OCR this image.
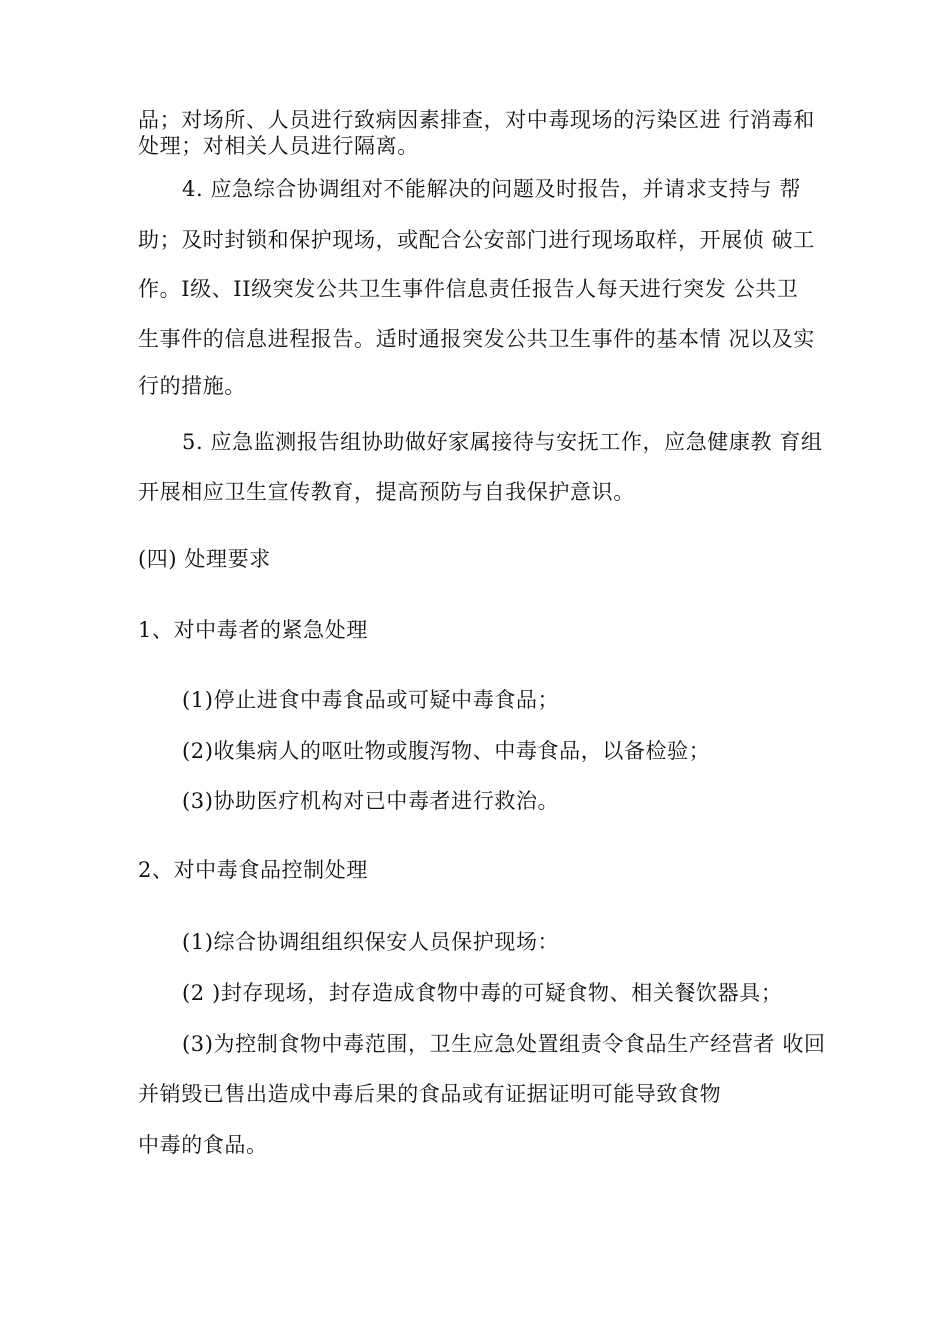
品；对场所、人员进行致病因素排查，对中毒现场的污染区进 行消毒和
处理；对相关人员进行隔离。
4. 应急综合协调组对不能解决的问题及时报告，并请求支持与 帮
助；及时封锁和保护现场，或配合公安部门进行现场取样，开展侦 破工
作。I级、II级突发公共卫生事件信息责任报告人每天进行突发 公共卫
生事件的信息进程报告。适时通报突发公共卫生事件的基本情 况以及实
行的措施。
5. 应急监测报告组协助做好家属接待与安抚工作，应急健康教 育组
开展相应卫生宣传教育，提高预防与自我保护意识。
(四) 处理要求
1、对中毒者的紧急处理
(1)停止进食中毒食品或可疑中毒食品；
(2)收集病人的呕吐物或腹泻物、中毒食品，以备检验；
(3)协助医疗机构对已中毒者进行救治。
2、对中毒食品控制处理
(1)综合协调组组织保安人员保护现场：
(2 )封存现场，封存造成食物中毒的可疑食物、相关餐饮器具；
(3)为控制食物中毒范围，卫生应急处置组责令食品生产经营者 收回
并销毁已售出造成中毒后果的食品或有证据证明可能导致食物
中毒的食品。
